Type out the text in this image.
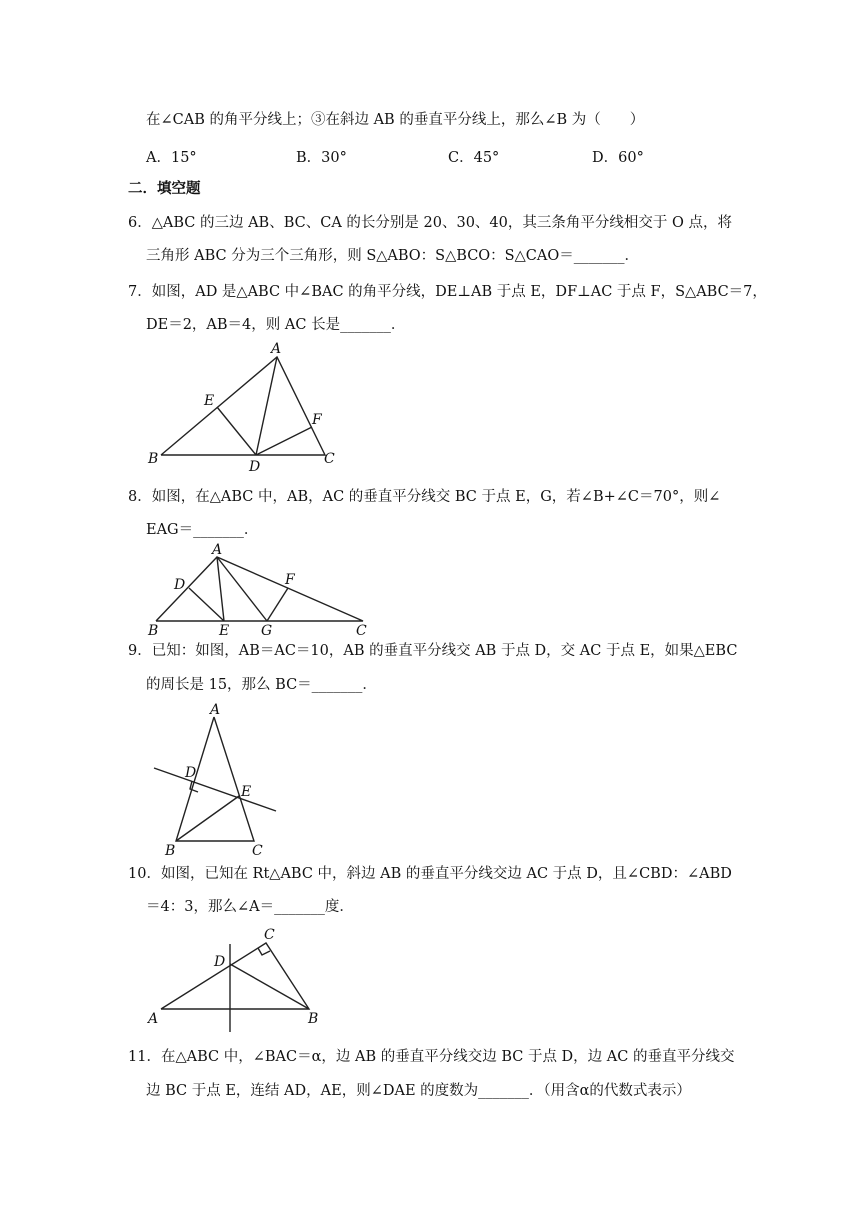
在∠CAB 的角平分线上；③在斜边 AB 的垂直平分线上，那么∠B 为（　　）
A．15°	B．30°	C．45°	D．60°
二．填空题
6．△ABC 的三边 AB、BC、CA 的长分别是 20、30、40，其三条角平分线相交于 O 点，将
三角形 ABC 分为三个三角形，则 S△ABO：S△BCO：S△CAO＝_______．
7．如图，AD 是△ABC 中∠BAC 的角平分线，DE⊥AB 于点 E，DF⊥AC 于点 F，S△ABC＝7，
DE＝2，AB＝4，则 AC 长是_______．
A
B	C
D
E
F
8．如图，在△ABC 中，AB，AC 的垂直平分线交 BC 于点 E，G，若∠B+∠C＝70°，则∠
EAG＝_______．
A
B	C
D
E
F
G
9．已知：如图，AB＝AC＝10，AB 的垂直平分线交 AB 于点 D，交 AC 于点 E，如果△EBC
的周长是 15，那么 BC＝_______．
A
B	C
D
E
10．如图，已知在 Rt△ABC 中，斜边 AB 的垂直平分线交边 AC 于点 D，且∠CBD：∠ABD
＝4：3，那么∠A＝_______度．
A	B
C
D
11．在△ABC 中，∠BAC＝α，边 AB 的垂直平分线交边 BC 于点 D，边 AC 的垂直平分线交
边 BC 于点 E，连结 AD，AE，则∠DAE 的度数为_______．（用含α的代数式表示）
